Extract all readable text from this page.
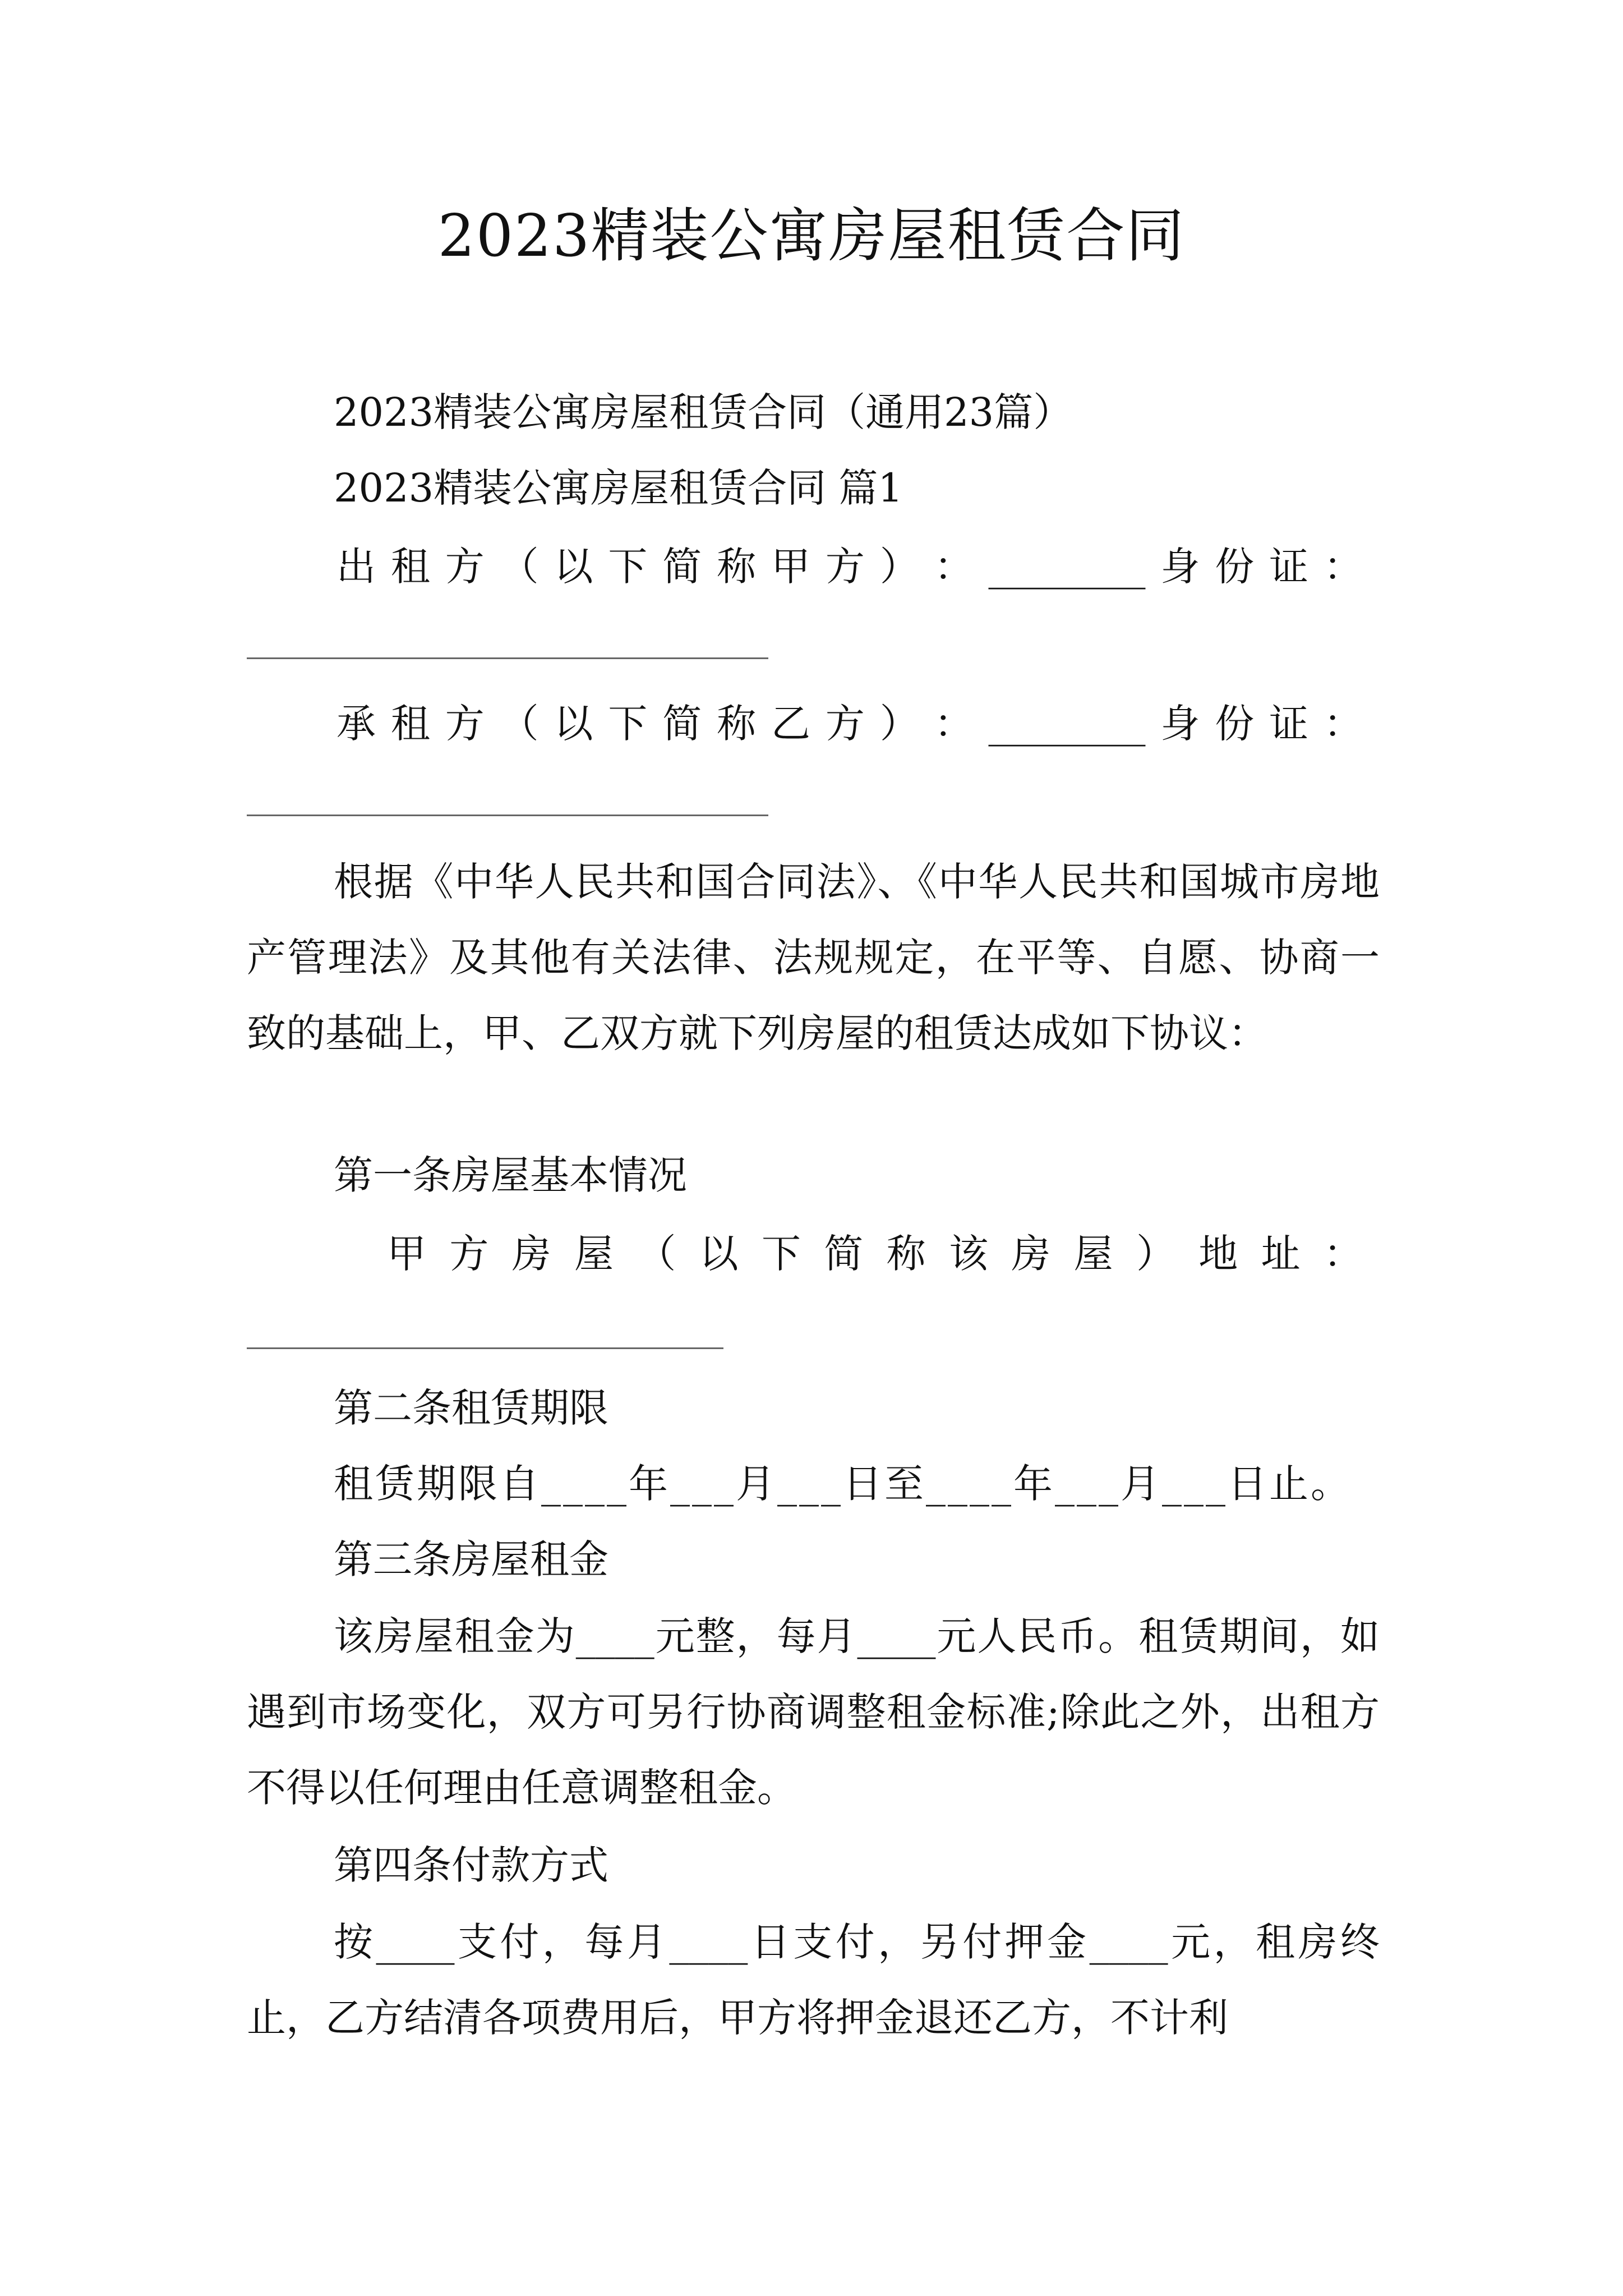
2023精装公寓房屋租赁合同

2023精装公寓房屋租赁合同（通用23篇）

2023精装公寓房屋租赁合同 篇1

出 租 方 （ 以 下 简 称 甲 方 ） ： ________ 身 份 证 ：
承 租 方 （ 以 下 简 称 乙 方 ） ： ________ 身 份 证 ：

根据《中华人民共和国合同法》、《中华人民共和国城市房地产管理法》及其他有关法律、法规规定，在平等、自愿、协商一致的基础上，甲、乙双方就下列房屋的租赁达成如下协议：

第一条房屋基本情况

甲 方 房 屋 （ 以 下 简 称 该 房 屋 ） 地 址 ：

第二条租赁期限

租赁期限自____年___月___日至____年___月___日止。

第三条房屋租金

该房屋租金为____元整，每月____元人民币。租赁期间，如遇到市场变化，双方可另行协商调整租金标准;除此之外，出租方不得以任何理由任意调整租金。

第四条付款方式

按____支付，每月____日支付，另付押金____元，租房终止，乙方结清各项费用后，甲方将押金退还乙方，不计利
